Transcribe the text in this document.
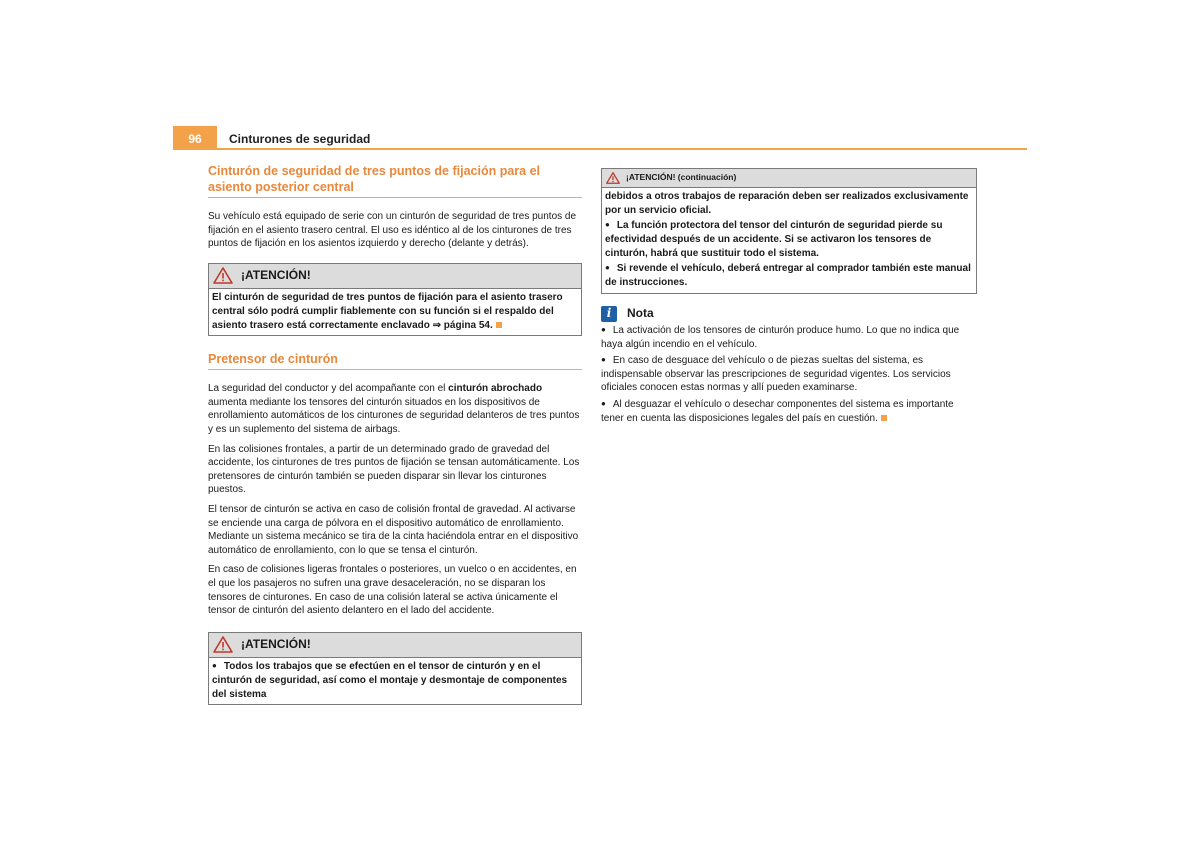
96	Cinturones de seguridad
Cinturón de seguridad de tres puntos de fijación para el asiento posterior central

Su vehículo está equipado de serie con un cinturón de seguridad de tres puntos de fijación en el asiento trasero central. El uso es idéntico al de los cinturones de tres puntos de fijación en los asientos izquierdo y derecho (delante y detrás).

¡ATENCIÓN!
El cinturón de seguridad de tres puntos de fijación para el asiento trasero central sólo podrá cumplir fiablemente con su función si el respaldo del asiento trasero está correctamente enclavado ⇒ página 54.
Pretensor de cinturón

La seguridad del conductor y del acompañante con el cinturón abrochado aumenta mediante los tensores del cinturón situados en los dispositivos de enrollamiento automáticos de los cinturones de seguridad delanteros de tres puntos y es un suplemento del sistema de airbags.

En las colisiones frontales, a partir de un determinado grado de gravedad del accidente, los cinturones de tres puntos de fijación se tensan automáticamente. Los pretensores de cinturón también se pueden disparar sin llevar los cinturones puestos.

El tensor de cinturón se activa en caso de colisión frontal de gravedad. Al activarse se enciende una carga de pólvora en el dispositivo automático de enrollamiento. Mediante un sistema mecánico se tira de la cinta haciéndola entrar en el dispositivo automático de enrollamiento, con lo que se tensa el cinturón.

En caso de colisiones ligeras frontales o posteriores, un vuelco o en accidentes, en el que los pasajeros no sufren una grave desaceleración, no se disparan los tensores de cinturones. En caso de una colisión lateral se activa únicamente el tensor de cinturón del asiento delantero en el lado del accidente.

¡ATENCIÓN!
● Todos los trabajos que se efectúen en el tensor de cinturón y en el cinturón de seguridad, así como el montaje y desmontaje de componentes del sistema
¡ATENCIÓN! (continuación)

debidos a otros trabajos de reparación deben ser realizados exclusivamente por un servicio oficial.

● La función protectora del tensor del cinturón de seguridad pierde su efectividad después de un accidente. Si se activaron los tensores de cinturón, habrá que sustituir todo el sistema.

● Si revende el vehículo, deberá entregar al comprador también este manual de instrucciones.

i	Nota

● La activación de los tensores de cinturón produce humo. Lo que no indica que haya algún incendio en el vehículo.

● En caso de desguace del vehículo o de piezas sueltas del sistema, es indispensable observar las prescripciones de seguridad vigentes. Los servicios oficiales conocen estas normas y allí pueden examinarse.

● Al desguazar el vehículo o desechar componentes del sistema es importante tener en cuenta las disposiciones legales del país en cuestión.
